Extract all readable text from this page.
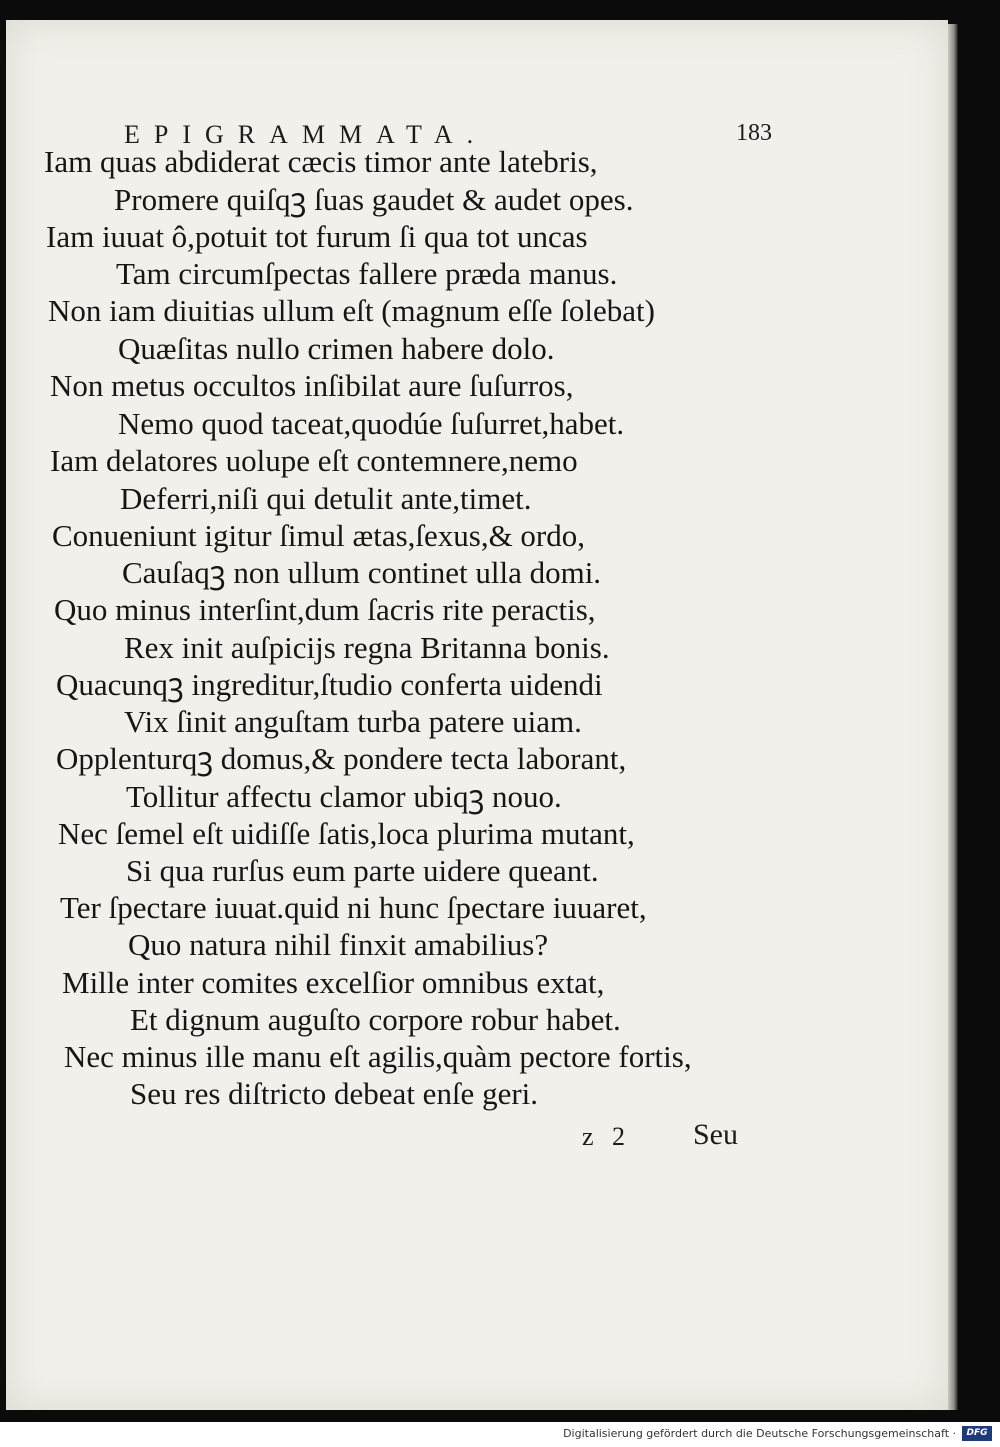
EPIGRAMMATA.	183
Iam quas abdiderat cæcis timor ante latebris,
Promere quiſqꝫ ſuas gaudet & audet opes.
Iam iuuat ô,potuit tot furum ſi qua tot uncas
Tam circumſpectas fallere præda manus.
Non iam diuitias ullum eſt (magnum eſſe ſolebat)
Quæſitas nullo crimen habere dolo.
Non metus occultos inſibilat aure ſuſurros,
Nemo quod taceat,quodúe ſuſurret,habet.
Iam delatores uolupe eſt contemnere,nemo
Deferri,niſi qui detulit ante,timet.
Conueniunt igitur ſimul ætas,ſexus,& ordo,
Cauſaqꝫ non ullum continet ulla domi.
Quo minus interſint,dum ſacris rite peractis,
Rex init auſpicijs regna Britanna bonis.
Quacunqꝫ ingreditur,ſtudio conferta uidendi
Vix ſinit anguſtam turba patere uiam.
Opplenturqꝫ domus,& pondere tecta laborant,
Tollitur affectu clamor ubiqꝫ nouo.
Nec ſemel eſt uidiſſe ſatis,loca plurima mutant,
Si qua rurſus eum parte uidere queant.
Ter ſpectare iuuat.quid ni hunc ſpectare iuuaret,
Quo natura nihil finxit amabilius?
Mille inter comites excelſior omnibus extat,
Et dignum auguſto corpore robur habet.
Nec minus ille manu eſt agilis,quàm pectore fortis,
Seu res diſtricto debeat enſe geri.
z 2 Seu
Digitalisierung gefördert durch die Deutsche Forschungsgemeinschaft ·	DFG
